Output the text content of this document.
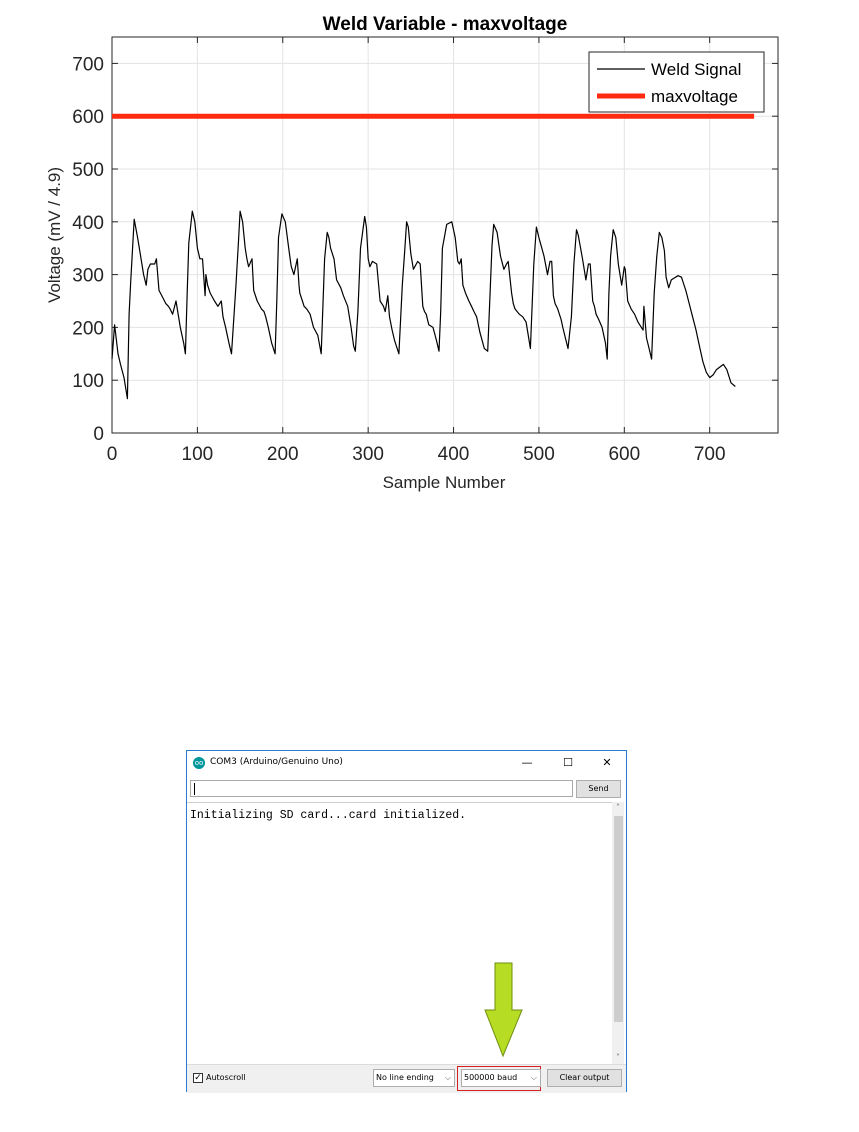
0	100	200	300	400	500	600	700
0
100
200
300
400
500
600
700
Weld Variable - maxvoltage
Sample Number
Voltage (mV / 4.9)
Weld Signal
maxvoltage
oo COM3 (Arduino/Genuino Uno)	—	☐	✕
Send
Initializing SD card...card initialized.
˄
˅
✓ Autoscroll	No line ending ⌵	500000 baud ⌵	Clear output
